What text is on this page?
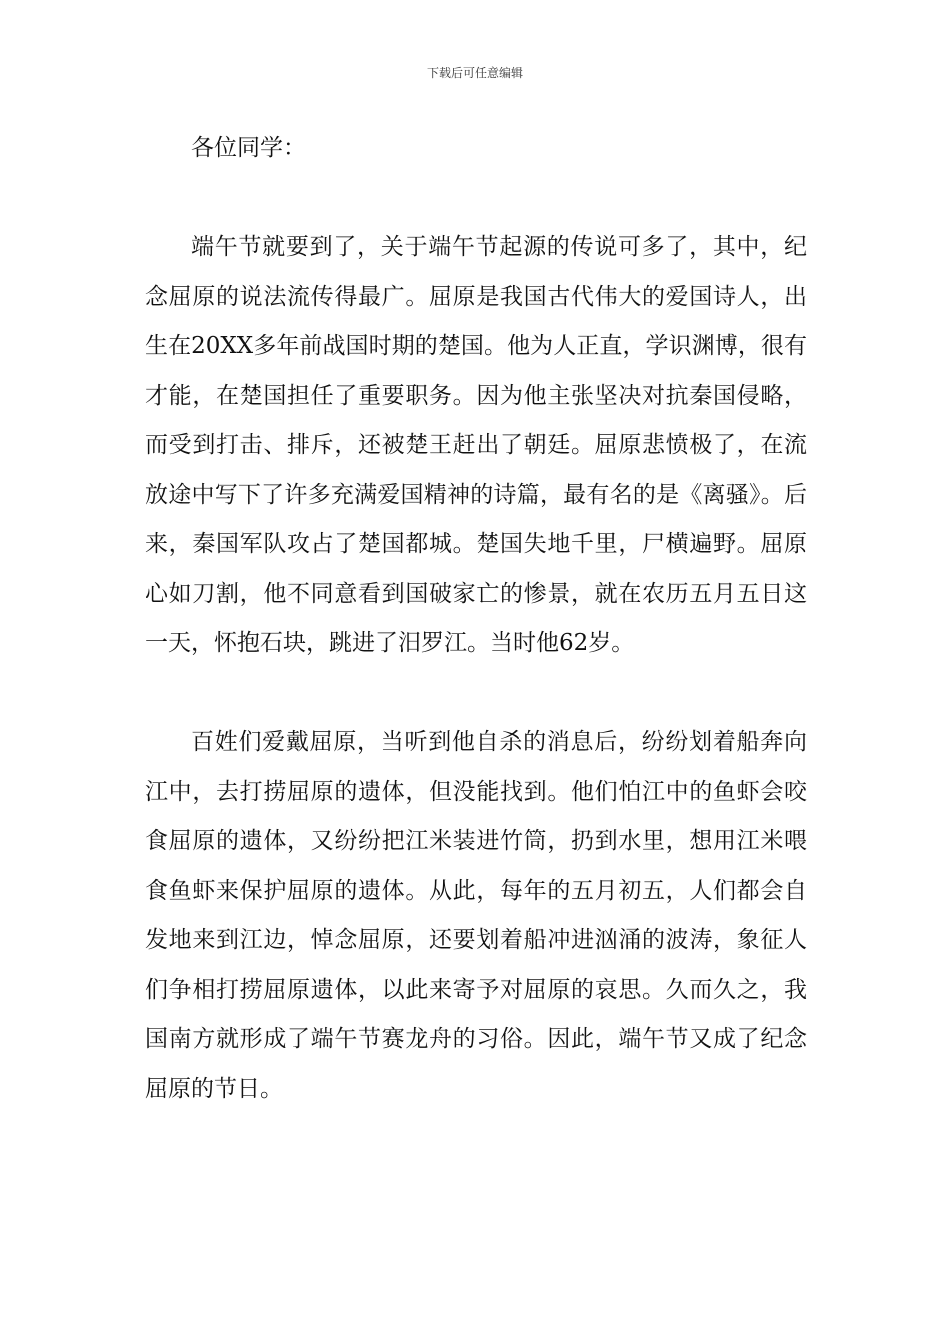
下载后可任意编辑

各位同学：

端午节就要到了，关于端午节起源的传说可多了，其中，纪念屈原的说法流传得最广。屈原是我国古代伟大的爱国诗人，出生在20XX多年前战国时期的楚国。他为人正直，学识渊博，很有才能，在楚国担任了重要职务。因为他主张坚决对抗秦国侵略，而受到打击、排斥，还被楚王赶出了朝廷。屈原悲愤极了，在流放途中写下了许多充满爱国精神的诗篇，最有名的是《离骚》。后来，秦国军队攻占了楚国都城。楚国失地千里，尸横遍野。屈原心如刀割，他不同意看到国破家亡的惨景，就在农历五月五日这一天，怀抱石块，跳进了汨罗江。当时他62岁。

百姓们爱戴屈原，当听到他自杀的消息后，纷纷划着船奔向江中，去打捞屈原的遗体，但没能找到。他们怕江中的鱼虾会咬食屈原的遗体，又纷纷把江米装进竹筒，扔到水里，想用江米喂食鱼虾来保护屈原的遗体。从此，每年的五月初五，人们都会自发地来到江边，悼念屈原，还要划着船冲进汹涌的波涛，象征人们争相打捞屈原遗体，以此来寄予对屈原的哀思。久而久之，我国南方就形成了端午节赛龙舟的习俗。因此，端午节又成了纪念屈原的节日。
